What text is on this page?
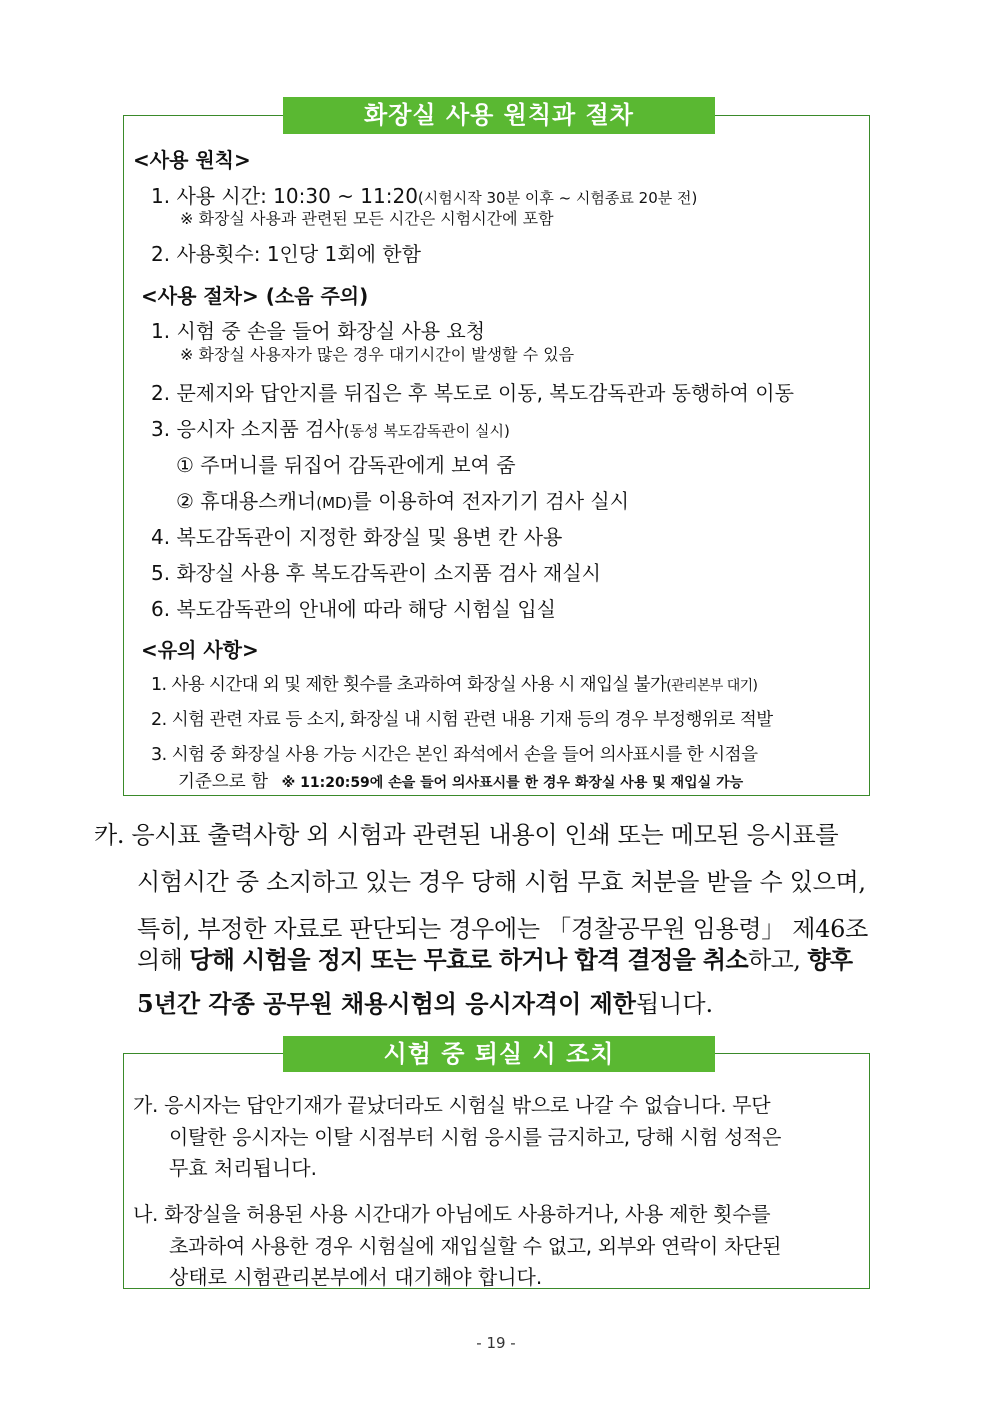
화장실 사용 원칙과 절차
<사용 원칙>
1. 사용 시간: 10:30 ~ 11:20(시험시작 30분 이후 ~ 시험종료 20분 전)
※ 화장실 사용과 관련된 모든 시간은 시험시간에 포함
2. 사용횟수: 1인당 1회에 한함
<사용 절차> (소음 주의)
1. 시험 중 손을 들어 화장실 사용 요청
※ 화장실 사용자가 많은 경우 대기시간이 발생할 수 있음
2. 문제지와 답안지를 뒤집은 후 복도로 이동, 복도감독관과 동행하여 이동
3. 응시자 소지품 검사(동성 복도감독관이 실시)
① 주머니를 뒤집어 감독관에게 보여 줌
② 휴대용스캐너(MD)를 이용하여 전자기기 검사 실시
4. 복도감독관이 지정한 화장실 및 용변 칸 사용
5. 화장실 사용 후 복도감독관이 소지품 검사 재실시
6. 복도감독관의 안내에 따라 해당 시험실 입실
<유의 사항>
1. 사용 시간대 외 및 제한 횟수를 초과하여 화장실 사용 시 재입실 불가(관리본부 대기)
2. 시험 관련 자료 등 소지, 화장실 내 시험 관련 내용 기재 등의 경우 부정행위로 적발
3. 시험 중 화장실 사용 가능 시간은 본인 좌석에서 손을 들어 의사표시를 한 시점을
기준으로 함 ※ 11:20:59에 손을 들어 의사표시를 한 경우 화장실 사용 및 재입실 가능
카. 응시표 출력사항 외 시험과 관련된 내용이 인쇄 또는 메모된 응시표를
시험시간 중 소지하고 있는 경우 당해 시험 무효 처분을 받을 수 있으며,
특히, 부정한 자료로 판단되는 경우에는 「경찰공무원 임용령」 제46조
의해 당해 시험을 정지 또는 무효로 하거나 합격 결정을 취소하고, 향후
5년간 각종 공무원 채용시험의 응시자격이 제한됩니다.
시험 중 퇴실 시 조치
가. 응시자는 답안기재가 끝났더라도 시험실 밖으로 나갈 수 없습니다. 무단
이탈한 응시자는 이탈 시점부터 시험 응시를 금지하고, 당해 시험 성적은
무효 처리됩니다.
나. 화장실을 허용된 사용 시간대가 아님에도 사용하거나, 사용 제한 횟수를
초과하여 사용한 경우 시험실에 재입실할 수 없고, 외부와 연락이 차단된
상태로 시험관리본부에서 대기해야 합니다.
- 19 -
